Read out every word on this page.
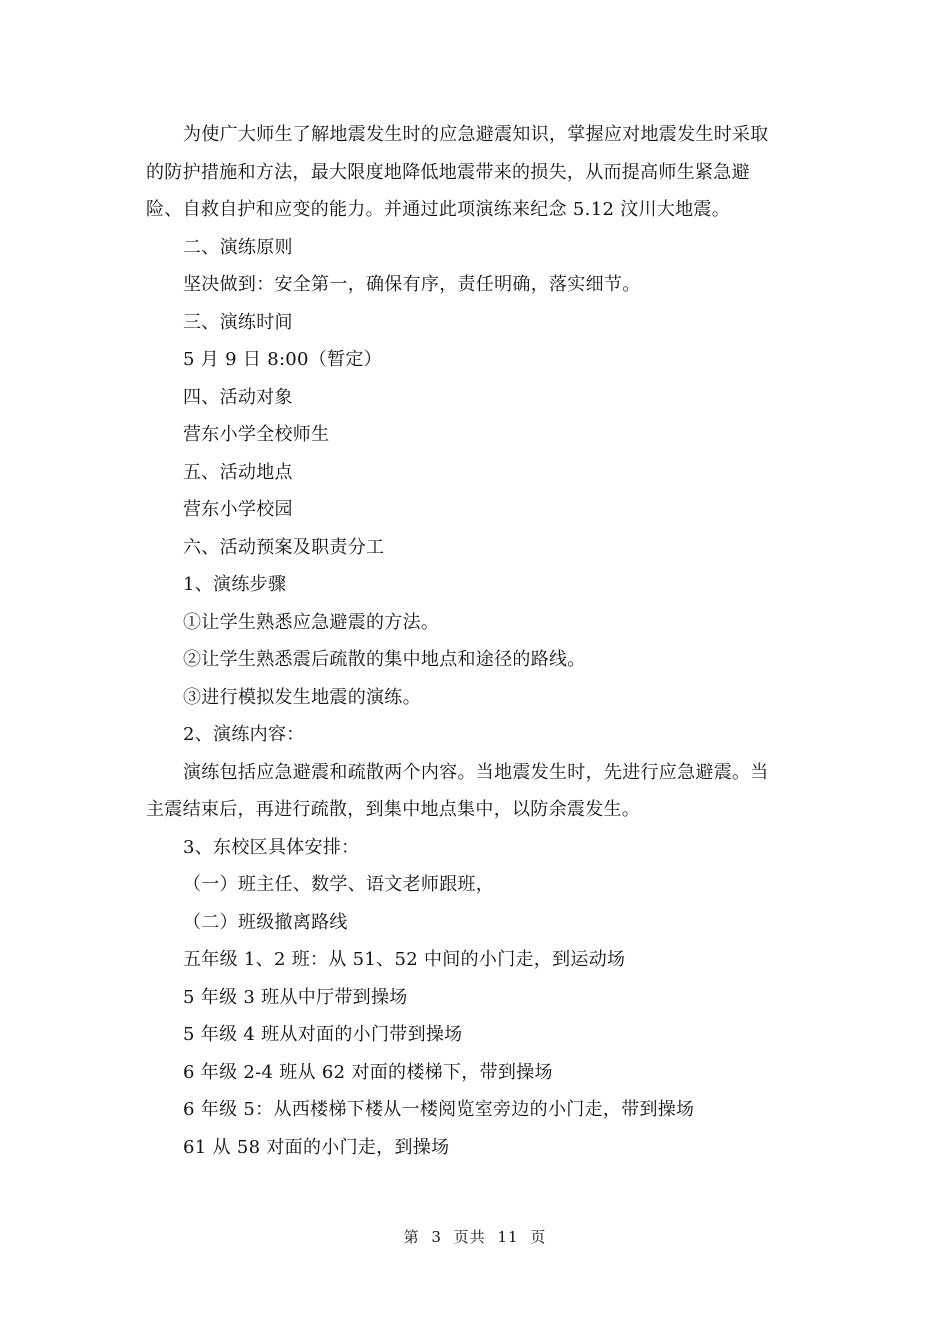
为使广大师生了解地震发生时的应急避震知识，掌握应对地震发生时采取
的防护措施和方法，最大限度地降低地震带来的损失，从而提高师生紧急避
险、自救自护和应变的能力。并通过此项演练来纪念 5.12 汶川大地震。
二、演练原则
坚决做到：安全第一，确保有序，责任明确，落实细节。
三、演练时间
5 月 9 日 8:00（暂定）
四、活动对象
营东小学全校师生
五、活动地点
营东小学校园
六、活动预案及职责分工
1、演练步骤
①让学生熟悉应急避震的方法。
②让学生熟悉震后疏散的集中地点和途径的路线。
③进行模拟发生地震的演练。
2、演练内容：
演练包括应急避震和疏散两个内容。当地震发生时，先进行应急避震。当
主震结束后，再进行疏散，到集中地点集中，以防余震发生。
3、东校区具体安排：
（一）班主任、数学、语文老师跟班，
（二）班级撤离路线
五年级 1、2 班：从 51、52 中间的小门走，到运动场
5 年级 3 班从中厅带到操场
5 年级 4 班从对面的小门带到操场
6 年级 2-4 班从 62 对面的楼梯下，带到操场
6 年级 5：从西楼梯下楼从一楼阅览室旁边的小门走，带到操场
61 从 58 对面的小门走，到操场
第 3 页共 11 页
